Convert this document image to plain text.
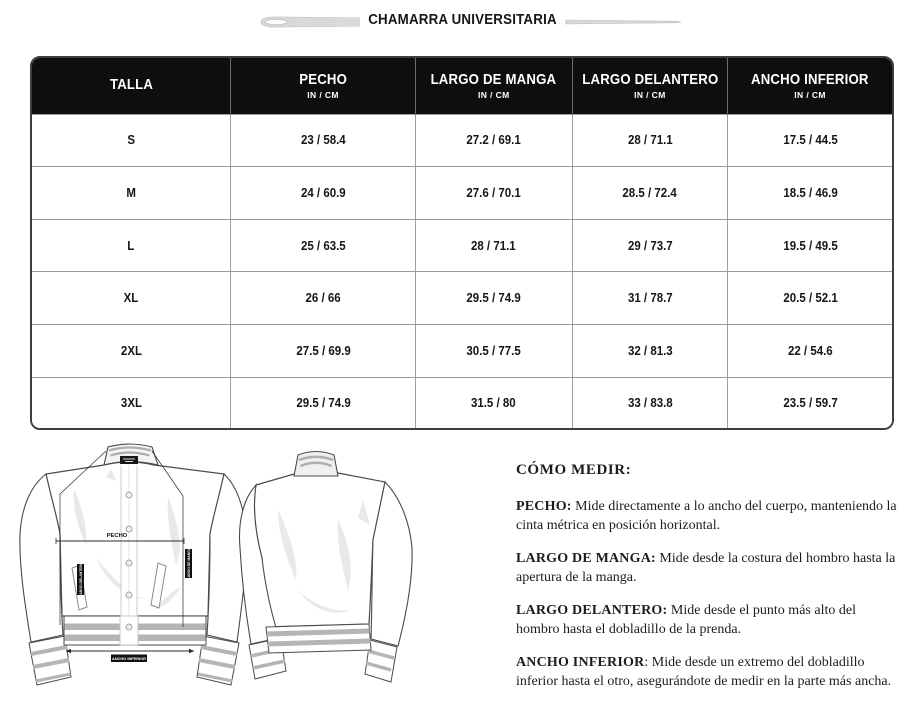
CHAMARRA UNIVERSITARIA
TALLA	PECHO
IN / CM
	LARGO DE MANGA
IN / CM
	LARGO DELANTERO
IN / CM
	ANCHO INFERIOR
IN / CM

S	23 / 58.4	27.2 / 69.1	28 / 71.1	17.5 / 44.5
M	24 / 60.9	27.6 / 70.1	28.5 / 72.4	18.5 / 46.9
L	25 / 63.5	28 / 71.1	29 / 73.7	19.5 / 49.5
XL	26 / 66	29.5 / 74.9	31 / 78.7	20.5 / 52.1
2XL	27.5 / 69.9	30.5 / 77.5	32 / 81.3	22 / 54.6
3XL	29.5 / 74.9	31.5 / 80	33 / 83.8	23.5 / 59.7
PECHO
LARGO DELANTERO	LARGO DE MANGA
ANCHO INFERIOR
CÓMO MEDIR:

PECHO: Mide directamente a lo ancho del cuerpo, manteniendo la cinta métrica en posición horizontal.

LARGO DE MANGA: Mide desde la costura del hombro hasta la apertura de la manga.

LARGO DELANTERO: Mide desde el punto más alto del hombro hasta el dobladillo de la prenda.

ANCHO INFERIOR: Mide desde un extremo del dobladillo inferior hasta el otro, asegurándote de medir en la parte más ancha.
